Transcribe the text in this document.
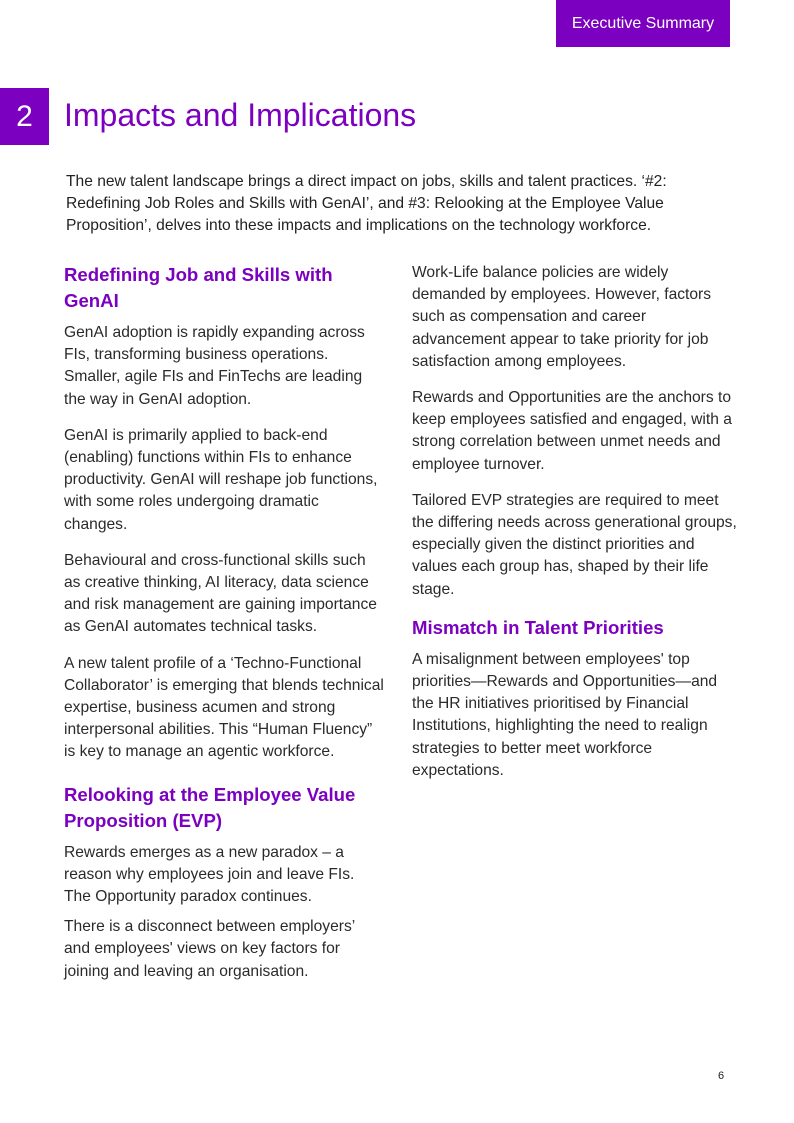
Executive Summary
2 Impacts and Implications

The new talent landscape brings a direct impact on jobs, skills and talent practices. ‘#2: Redefining Job Roles and Skills with GenAI’, and #3: Relooking at the Employee Value Proposition’, delves into these impacts and implications on the technology workforce.

Redefining Job and Skills with GenAI

GenAI adoption is rapidly expanding across FIs, transforming business operations. Smaller, agile FIs and FinTechs are leading the way in GenAI adoption.

GenAI is primarily applied to back-end (enabling) functions within FIs to enhance productivity. GenAI will reshape job functions, with some roles undergoing dramatic changes.

Behavioural and cross-functional skills such as creative thinking, AI literacy, data science and risk management are gaining importance as GenAI automates technical tasks.

A new talent profile of a ‘Techno-Functional Collaborator’ is emerging that blends technical expertise, business acumen and strong interpersonal abilities. This “Human Fluency” is key to manage an agentic workforce.

Relooking at the Employee Value Proposition (EVP)

Rewards emerges as a new paradox – a reason why employees join and leave FIs. The Opportunity paradox continues.

There is a disconnect between employers’ and employees' views on key factors for joining and leaving an organisation.

Work-Life balance policies are widely demanded by employees. However, factors such as compensation and career advancement appear to take priority for job satisfaction among employees.

Rewards and Opportunities are the anchors to keep employees satisfied and engaged, with a strong correlation between unmet needs and employee turnover.

Tailored EVP strategies are required to meet the differing needs across generational groups, especially given the distinct priorities and values each group has, shaped by their life stage.

Mismatch in Talent Priorities

A misalignment between employees' top priorities—Rewards and Opportunities—and the HR initiatives prioritised by Financial Institutions, highlighting the need to realign strategies to better meet workforce expectations.

6
